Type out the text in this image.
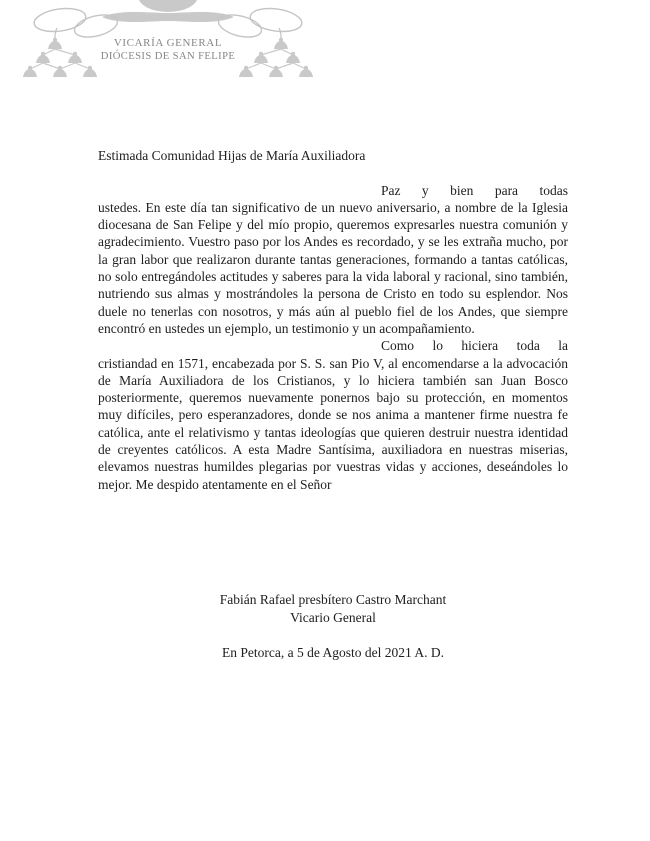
VICARÍA GENERAL
DIÓCESIS DE SAN FELIPE

Estimada Comunidad Hijas de María Auxiliadora

Paz y bien para todas
ustedes. En este día tan significativo de un nuevo aniversario, a nombre de la Iglesia diocesana de San Felipe y del mío propio, queremos expresarles nuestra comunión y agradecimiento. Vuestro paso por los Andes es recordado, y se les extraña mucho, por la gran labor que realizaron durante tantas generaciones, formando a tantas católicas, no solo entregándoles actitudes y saberes para la vida laboral y racional, sino también, nutriendo sus almas y mostrándoles la persona de Cristo en todo su esplendor. Nos duele no tenerlas con nosotros, y más aún al pueblo fiel de los Andes, que siempre encontró en ustedes un ejemplo, un testimonio y un acompañamiento.
Como lo hiciera toda la
cristiandad en 1571, encabezada por S. S. san Pio V, al encomendarse a la advocación de María Auxiliadora de los Cristianos, y lo hiciera también san Juan Bosco posteriormente, queremos nuevamente ponernos bajo su protección, en momentos muy difíciles, pero esperanzadores, donde se nos anima a mantener firme nuestra fe católica, ante el relativismo y tantas ideologías que quieren destruir nuestra identidad de creyentes católicos. A esta Madre Santísima, auxiliadora en nuestras miserias, elevamos nuestras humildes plegarias por vuestras vidas y acciones, deseándoles lo mejor. Me despido atentamente en el Señor
Fabián Rafael presbítero Castro Marchant
Vicario General
En Petorca, a 5 de Agosto del 2021 A. D.
